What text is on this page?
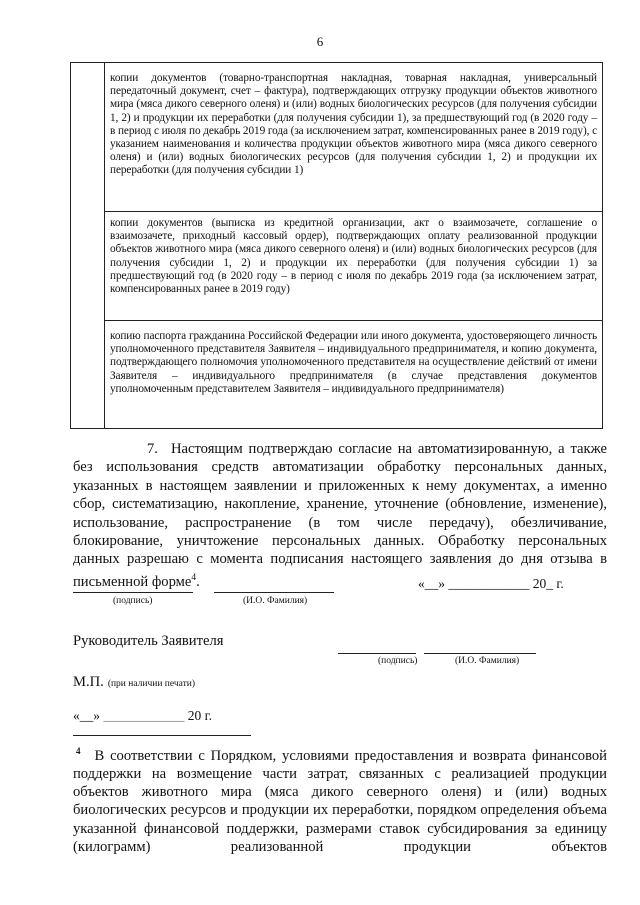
6
копии документов (товарно-транспортная накладная, товарная накладная, универсальный передаточный документ, счет – фактура), подтверждающих отгрузку продукции объектов животного мира (мяса дикого северного оленя) и (или) водных биологических ресурсов (для получения субсидии 1, 2) и продукции их переработки (для получения субсидии 1), за предшествующий год (в 2020 году – в период с июля по декабрь 2019 года (за исключением затрат, компенсированных ранее в 2019 году), с указанием наименования и количества продукции объектов животного мира (мяса дикого северного оленя) и (или) водных биологических ресурсов (для получения субсидии 1, 2) и продукции их переработки (для получения субсидии 1)
копии документов (выписка из кредитной организации, акт о взаимозачете, соглашение о взаимозачете, приходный кассовый ордер), подтверждающих оплату реализованной продукции объектов животного мира (мяса дикого северного оленя) и (или) водных биологических ресурсов (для получения субсидии 1, 2) и продукции их переработки (для получения субсидии 1) за предшествующий год (в 2020 году – в период с июля по декабрь 2019 года (за исключением затрат, компенсированных ранее в 2019 году)
копию паспорта гражданина Российской Федерации или иного документа, удостоверяющего личность уполномоченного представителя Заявителя – индивидуального предпринимателя, и копию документа, подтверждающего полномочия уполномоченного представителя на осуществление действий от имени Заявителя – индивидуального предпринимателя (в случае представления документов уполномоченным представителем Заявителя – индивидуального предпринимателя)
7. Настоящим подтверждаю согласие на автоматизированную, а также без использования средств автоматизации обработку персональных данных, указанных в настоящем заявлении и приложенных к нему документах, а именно сбор, систематизацию, накопление, хранение, уточнение (обновление, изменение), использование, распространение (в том числе передачу), обезличивание, блокирование, уничтожение персональных данных. Обработку персональных данных разрешаю с момента подписания настоящего заявления до дня отзыва в письменной форме$^4$.
(подпись)	(И.О. Фамилия)
«__» ____________ 20_ г.
Руководитель Заявителя
(подпись)	(И.О. Фамилия)
М.П. (при наличии печати)
«__» ____________ 20 г.
$^4$ В соответствии с Порядком, условиями предоставления и возврата финансовой поддержки на возмещение части затрат, связанных с реализацией продукции объектов животного мира (мяса дикого северного оленя) и (или) водных биологических ресурсов и продукции их переработки, порядком определения объема указанной финансовой поддержки, размерами ставок субсидирования за единицу (килограмм) реализованной продукции объектов
